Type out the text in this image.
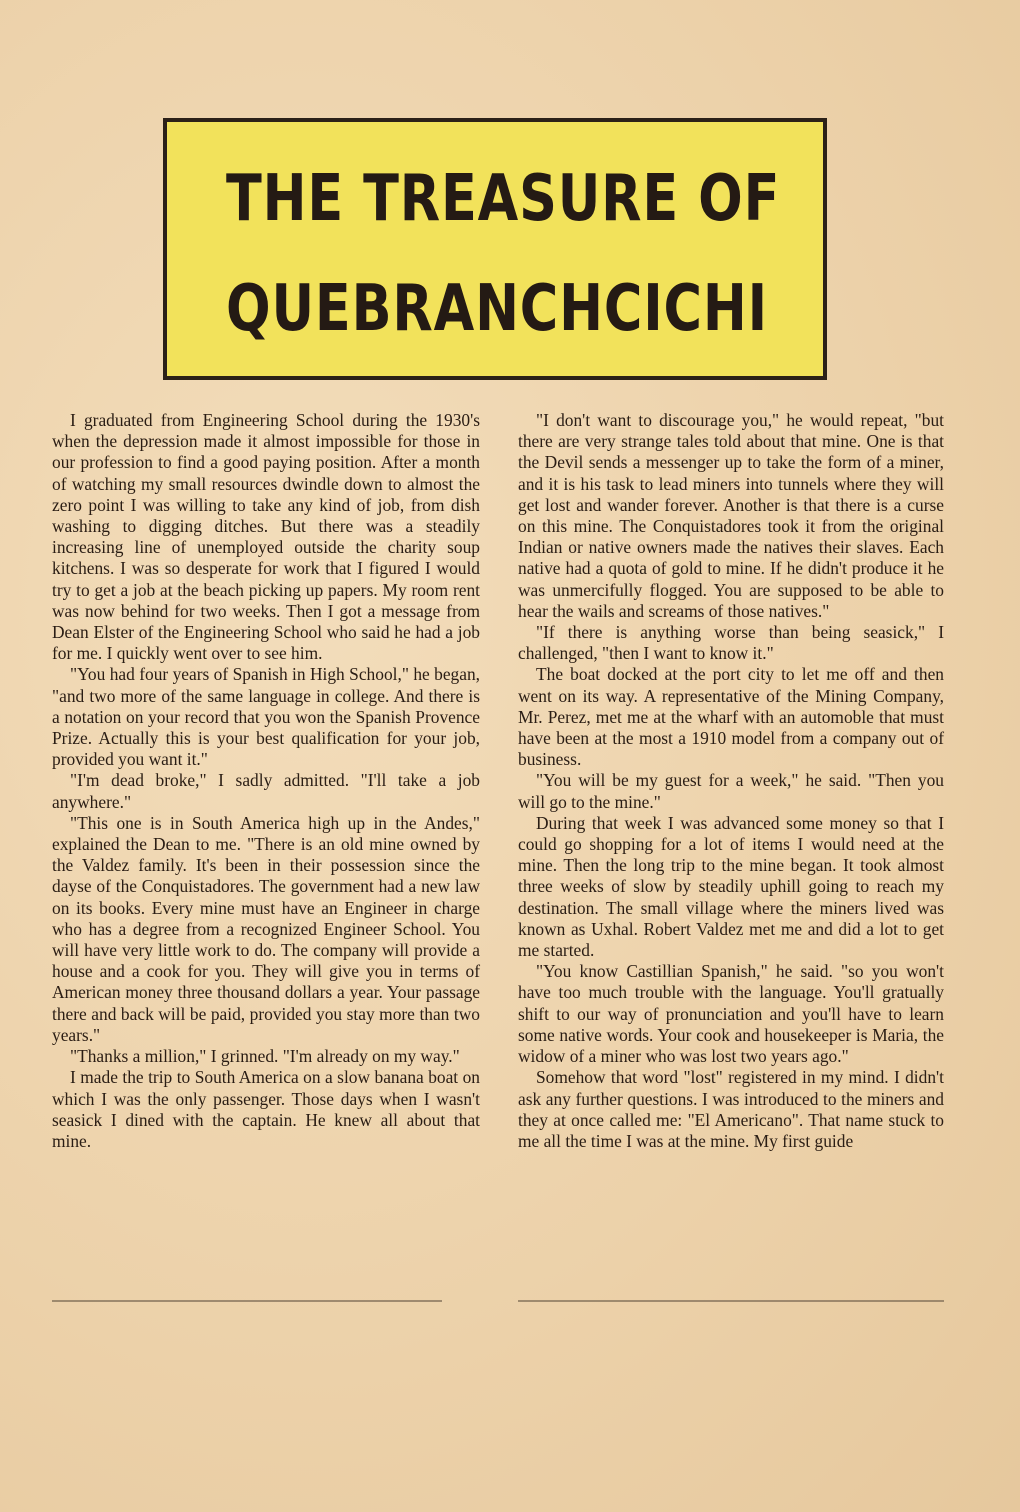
THE TREASURE OF
QUEBRANCHCICHI

I graduated from Engineering School during the 1930's when the depression made it almost impossible for those in our profession to find a good paying position. After a month of watching my small resources dwindle down to almost the zero point I was willing to take any kind of job, from dish washing to digging ditches. But there was a steadily increasing line of unemployed outside the charity soup kitchens. I was so desperate for work that I figured I would try to get a job at the beach picking up papers. My room rent was now behind for two weeks. Then I got a message from Dean Elster of the Engineering School who said he had a job for me. I quickly went over to see him.

"You had four years of Spanish in High School," he began, "and two more of the same language in college. And there is a notation on your record that you won the Spanish Provence Prize. Actually this is your best qualification for your job, provided you want it."

"I'm dead broke," I sadly admitted. "I'll take a job anywhere."

"This one is in South America high up in the Andes," explained the Dean to me. "There is an old mine owned by the Valdez family. It's been in their possession since the dayse of the Conquistadores. The government had a new law on its books. Every mine must have an Engineer in charge who has a degree from a recognized Engineer School. You will have very little work to do. The company will provide a house and a cook for you. They will give you in terms of American money three thousand dollars a year. Your passage there and back will be paid, provided you stay more than two years."

"Thanks a million," I grinned. "I'm already on my way."

I made the trip to South America on a slow banana boat on which I was the only passenger. Those days when I wasn't seasick I dined with the captain. He knew all about that mine.

"I don't want to discourage you," he would repeat, "but there are very strange tales told about that mine. One is that the Devil sends a messenger up to take the form of a miner, and it is his task to lead miners into tunnels where they will get lost and wander forever. Another is that there is a curse on this mine. The Conquistadores took it from the original Indian or native owners made the natives their slaves. Each native had a quota of gold to mine. If he didn't produce it he was unmercifully flogged. You are supposed to be able to hear the wails and screams of those natives."

"If there is anything worse than being seasick," I challenged, "then I want to know it."

The boat docked at the port city to let me off and then went on its way. A representative of the Mining Company, Mr. Perez, met me at the wharf with an automoble that must have been at the most a 1910 model from a company out of business.

"You will be my guest for a week," he said. "Then you will go to the mine."

During that week I was advanced some money so that I could go shopping for a lot of items I would need at the mine. Then the long trip to the mine began. It took almost three weeks of slow by steadily uphill going to reach my destination. The small village where the miners lived was known as Uxhal. Robert Valdez met me and did a lot to get me started.

"You know Castillian Spanish," he said. "so you won't have too much trouble with the language. You'll gratually shift to our way of pronunciation and you'll have to learn some native words. Your cook and housekeeper is Maria, the widow of a miner who was lost two years ago."

Somehow that word "lost" registered in my mind. I didn't ask any further questions. I was introduced to the miners and they at once called me: "El Americano". That name stuck to me all the time I was at the mine. My first guide
